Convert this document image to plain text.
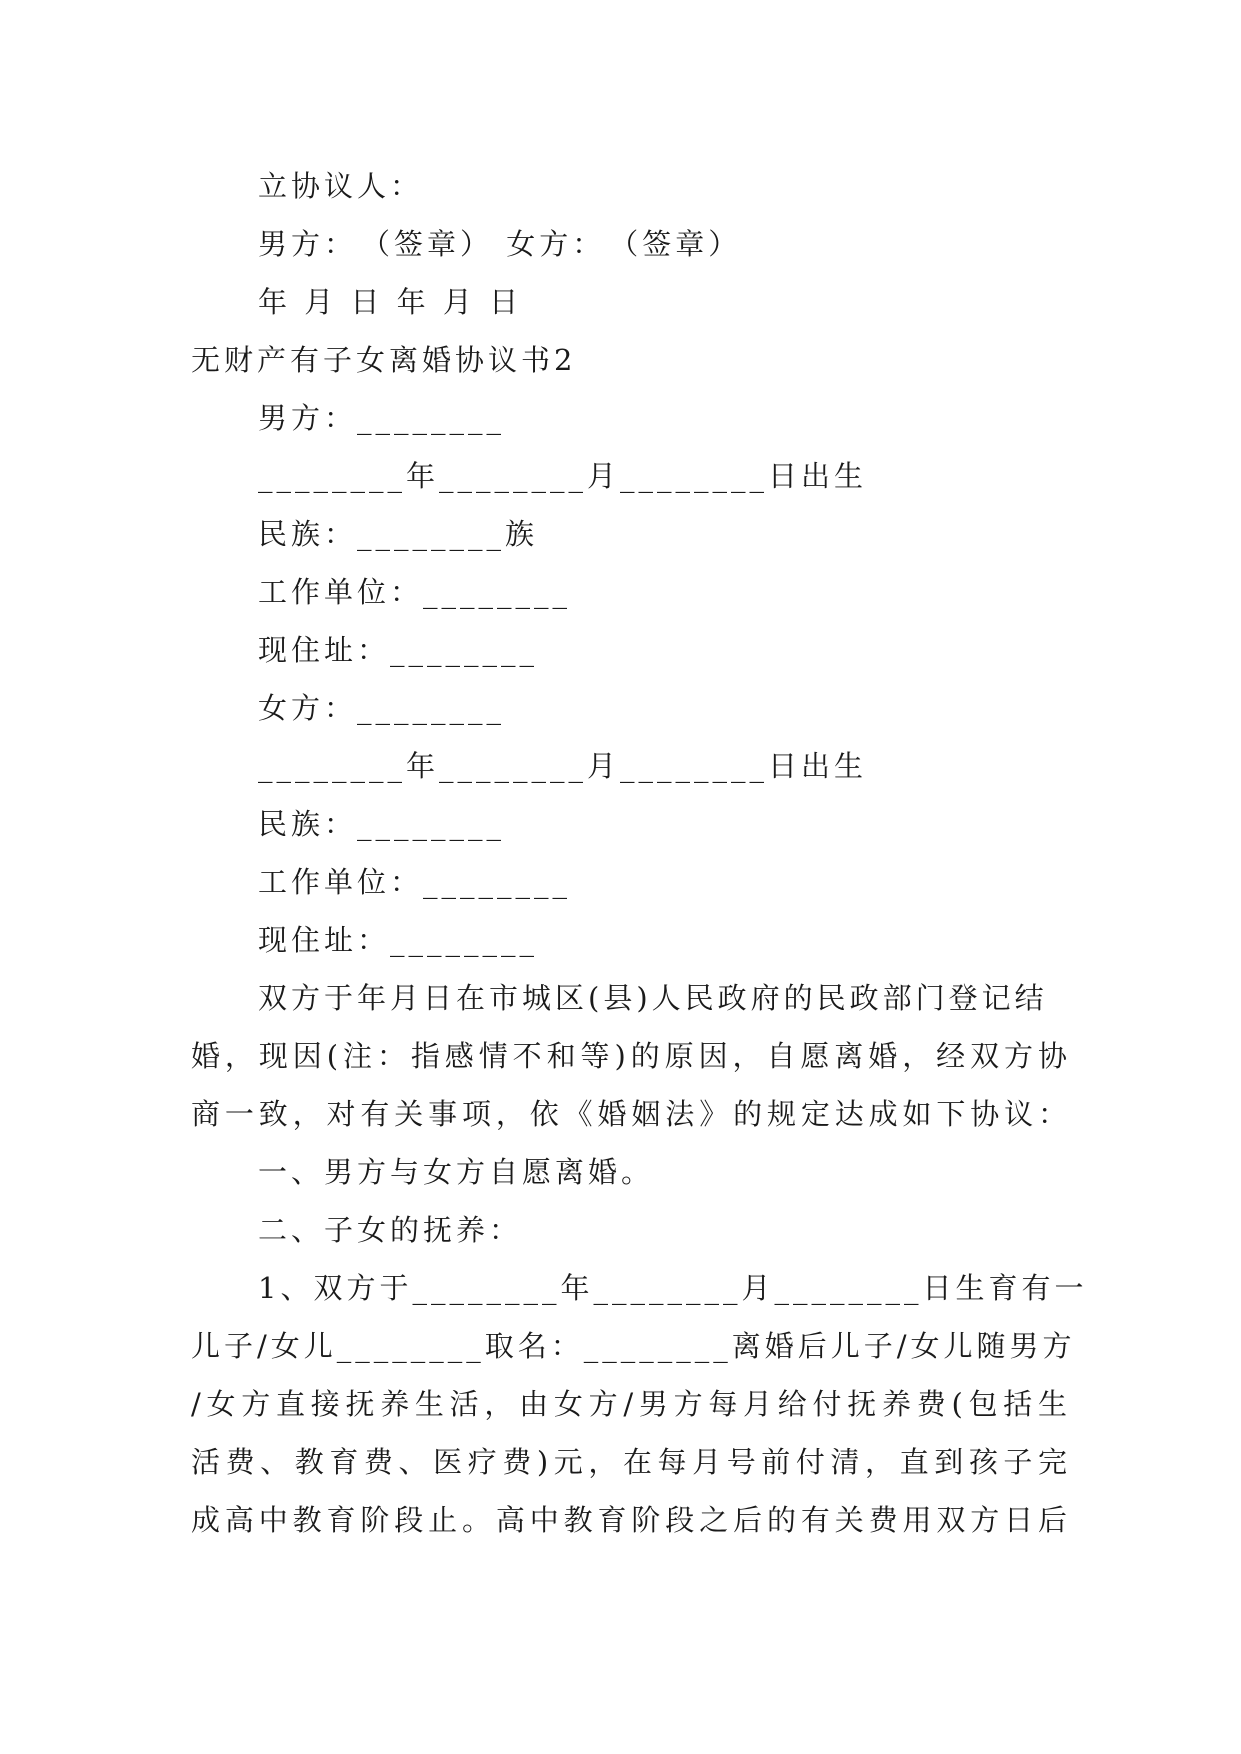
立协议人：
男方：　（签章） 女方：　（签章）
年 月 日 年 月 日
无财产有子女离婚协议书2
男方：________
________年________月________日出生
民族：________族
工作单位：________
现住址：________
女方：________
________年________月________日出生
民族：________
工作单位：________
现住址：________
双方于年月日在市城区(县)人民政府的民政部门登记结
婚，现因(注：指感情不和等)的原因，自愿离婚，经双方协
商一致，对有关事项，依《婚姻法》的规定达成如下协议：
一、男方与女方自愿离婚。
二、子女的抚养：
1、双方于________年________月________日生育有一
儿子/女儿________取名：________离婚后儿子/女儿随男方
/女方直接抚养生活，由女方/男方每月给付抚养费(包括生
活费、教育费、医疗费)元，在每月号前付清，直到孩子完
成高中教育阶段止。高中教育阶段之后的有关费用双方日后
